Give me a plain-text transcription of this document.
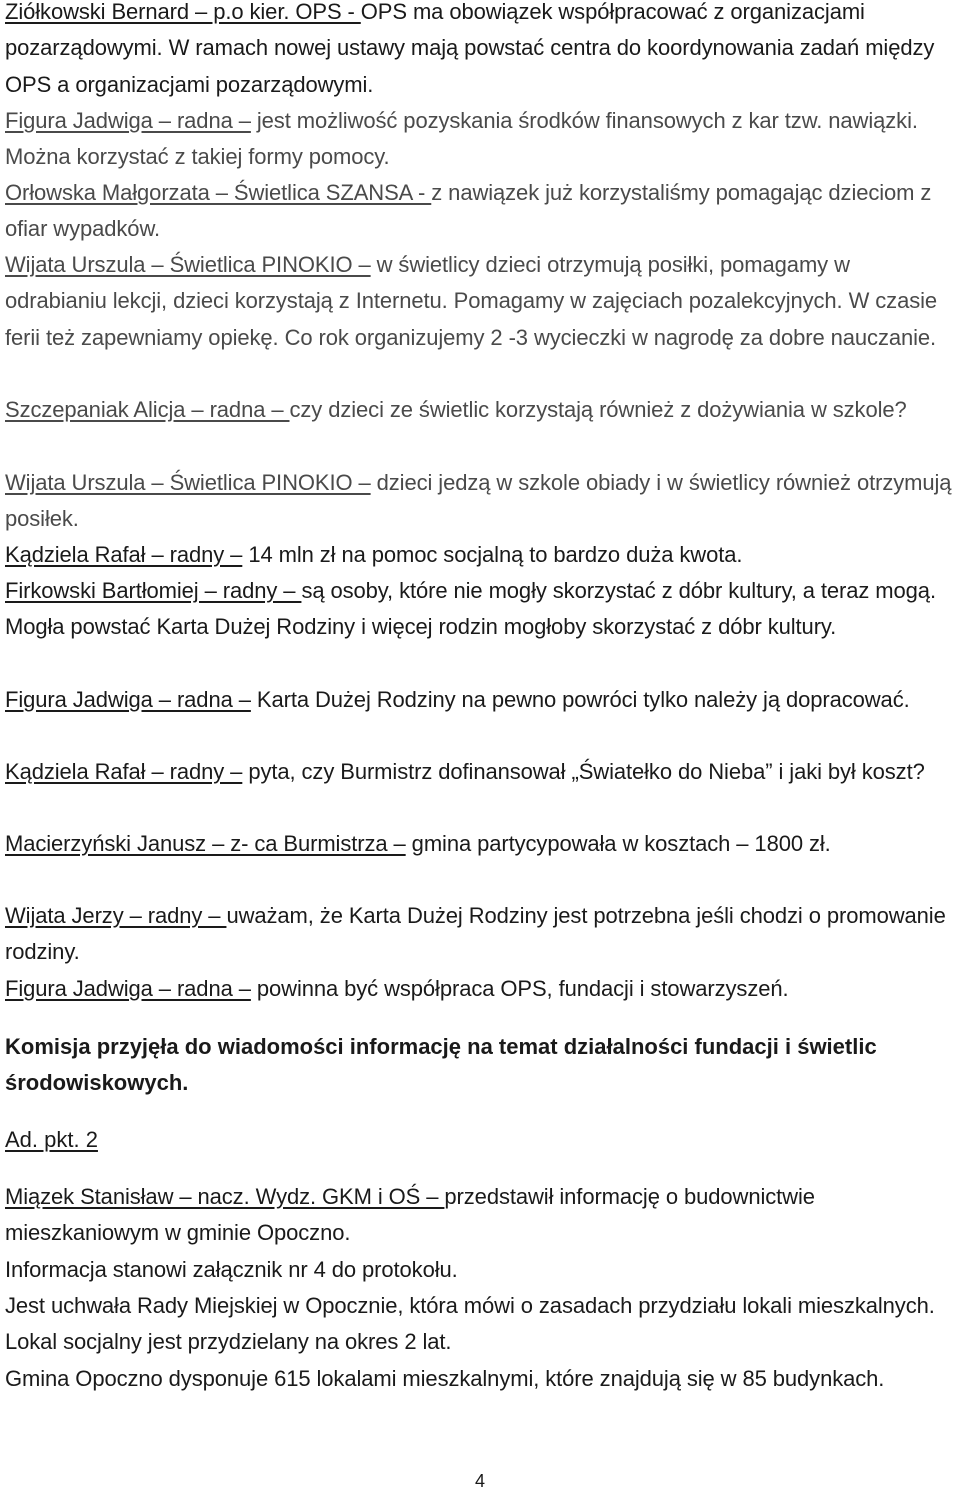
Ziółkowski Bernard – p.o kier. OPS - OPS ma obowiązek współpracować z organizacjami pozarządowymi. W ramach nowej ustawy mają powstać centra do koordynowania zadań między OPS a organizacjami pozarządowymi.

Figura Jadwiga – radna – jest możliwość pozyskania środków finansowych z kar tzw. nawiązki. Można korzystać z takiej formy pomocy.

Orłowska Małgorzata – Świetlica SZANSA - z nawiązek już korzystaliśmy pomagając dzieciom z ofiar wypadków.

Wijata Urszula – Świetlica PINOKIO – w świetlicy dzieci otrzymują posiłki, pomagamy w odrabianiu lekcji, dzieci korzystają z Internetu. Pomagamy w zajęciach pozalekcyjnych. W czasie ferii też zapewniamy opiekę. Co rok organizujemy 2 -3 wycieczki w nagrodę za dobre nauczanie.

Szczepaniak Alicja – radna – czy dzieci ze świetlic korzystają również z dożywiania w szkole?

Wijata Urszula – Świetlica PINOKIO – dzieci jedzą w szkole obiady i w świetlicy również otrzymują posiłek.

Kądziela Rafał – radny – 14 mln zł na pomoc socjalną to bardzo duża kwota.

Firkowski Bartłomiej – radny – są osoby, które nie mogły skorzystać z dóbr kultury, a teraz mogą. Mogła powstać Karta Dużej Rodziny i więcej rodzin mogłoby skorzystać z dóbr kultury.

Figura Jadwiga – radna – Karta Dużej Rodziny na pewno powróci tylko należy ją dopracować.

Kądziela Rafał – radny – pyta, czy Burmistrz dofinansował „Światełko do Nieba” i jaki był koszt?

Macierzyński Janusz – z- ca Burmistrza – gmina partycypowała w kosztach – 1800 zł.

Wijata Jerzy – radny – uważam, że Karta Dużej Rodziny jest potrzebna jeśli chodzi o promowanie rodziny.

Figura Jadwiga – radna – powinna być współpraca OPS, fundacji i stowarzyszeń.

Komisja przyjęła do wiadomości informację na temat działalności fundacji i świetlic środowiskowych.

Ad. pkt. 2

Miązek Stanisław – nacz. Wydz. GKM i OŚ – przedstawił informację o budownictwie mieszkaniowym w gminie Opoczno.

Informacja stanowi załącznik nr 4 do protokołu.

Jest uchwała Rady Miejskiej w Opocznie, która mówi o zasadach przydziału lokali mieszkalnych. Lokal socjalny jest przydzielany na okres 2 lat.

Gmina Opoczno dysponuje 615 lokalami mieszkalnymi, które znajdują się w 85 budynkach.

4
